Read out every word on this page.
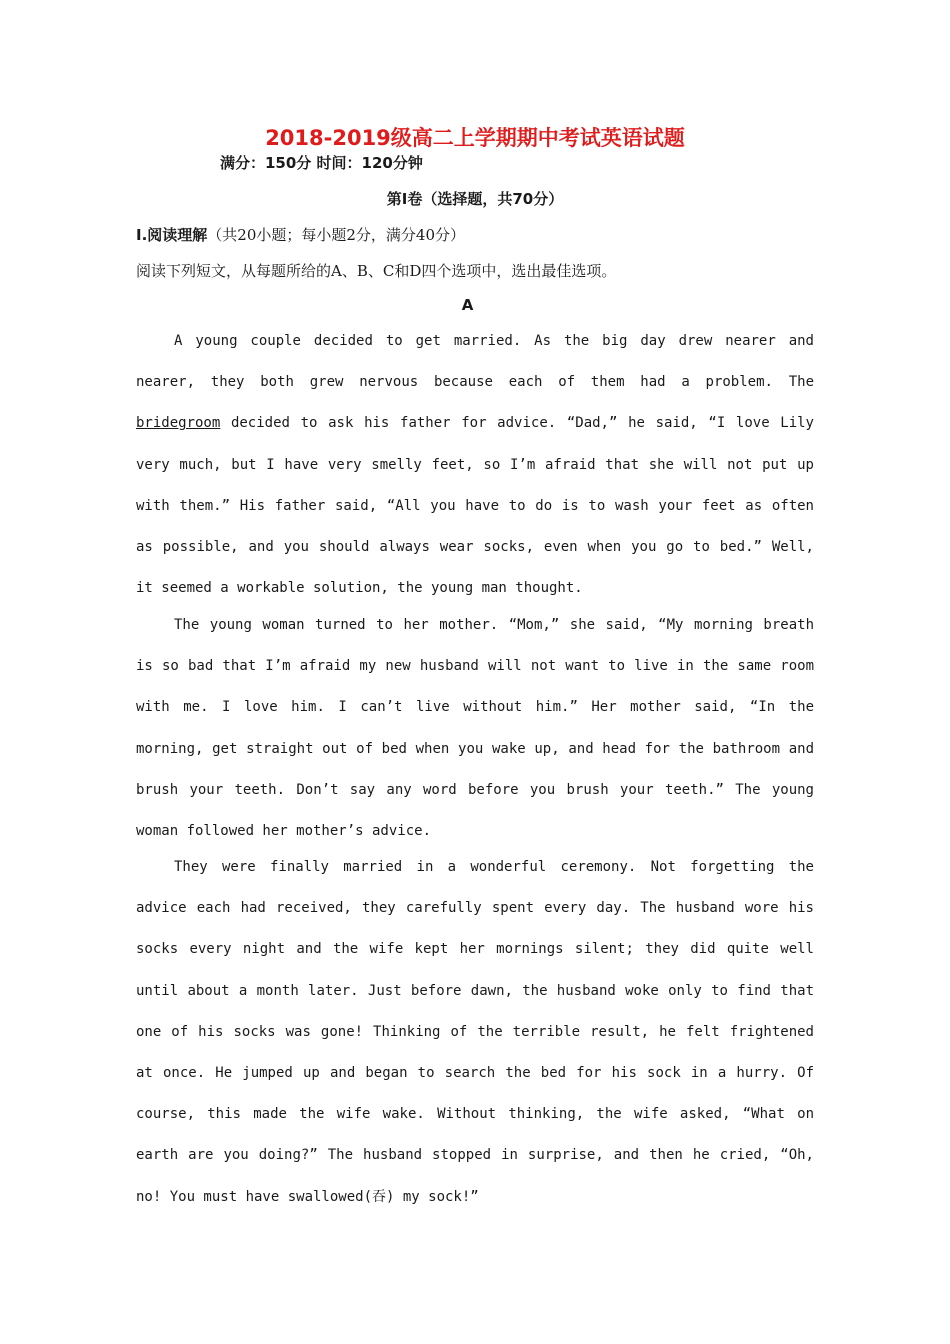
2018-2019级高二上学期期中考试英语试题
满分：150分 时间：120分钟
第Ⅰ卷（选择题，共70分）
I.阅读理解（共20小题；每小题2分，满分40分）
阅读下列短文，从每题所给的A、B、C和D四个选项中，选出最佳选项。
A

A young couple decided to get married. As the big day drew nearer and nearer, they both grew nervous because each of them had a problem. The bridegroom decided to ask his father for advice. “Dad,” he said, “I love Lily very much, but I have very smelly feet, so I’m afraid that she will not put up with them.” His father said, “All you have to do is to wash your feet as often as possible, and you should always wear socks, even when you go to bed.” Well, it seemed a workable solution, the young man thought.

The young woman turned to her mother. “Mom,” she said, “My morning breath is so bad that I’m afraid my new husband will not want to live in the same room with me. I love him. I can’t live without him.” Her mother said, “In the morning, get straight out of bed when you wake up, and head for the bathroom and brush your teeth. Don’t say any word before you brush your teeth.” The young woman followed her mother’s advice.

They were finally married in a wonderful ceremony. Not forgetting the advice each had received, they carefully spent every day. The husband wore his socks every night and the wife kept her mornings silent; they did quite well until about a month later. Just before dawn, the husband woke only to find that one of his socks was gone! Thinking of the terrible result, he felt frightened at once. He jumped up and began to search the bed for his sock in a hurry. Of course, this made the wife wake. Without thinking, the wife asked, “What on earth are you doing?” The husband stopped in surprise, and then he cried, “Oh, no! You must have swallowed(吞) my sock!”
